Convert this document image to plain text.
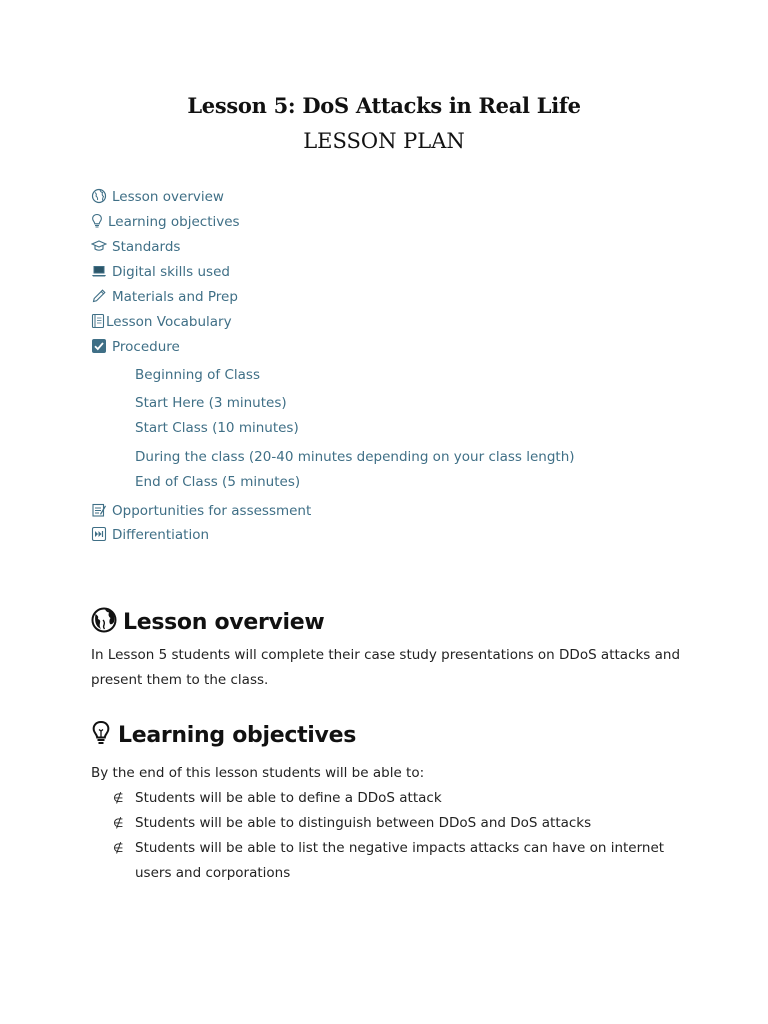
Lesson 5: DoS Attacks in Real Life
LESSON PLAN
Lesson overview
Learning objectives
Standards
Digital skills used
Materials and Prep
Lesson Vocabulary
Procedure
Beginning of Class
Start Here (3 minutes)
Start Class (10 minutes)
During the class (20-40 minutes depending on your class length)
End of Class (5 minutes)
Opportunities for assessment
Differentiation
Lesson overview
In Lesson 5 students will complete their case study presentations on DDoS attacks and present them to the class.
Learning objectives
By the end of this lesson students will be able to:
∉ Students will be able to define a DDoS attack
∉ Students will be able to distinguish between DDoS and DoS attacks
∉ Students will be able to list the negative impacts attacks can have on internet users and corporations
